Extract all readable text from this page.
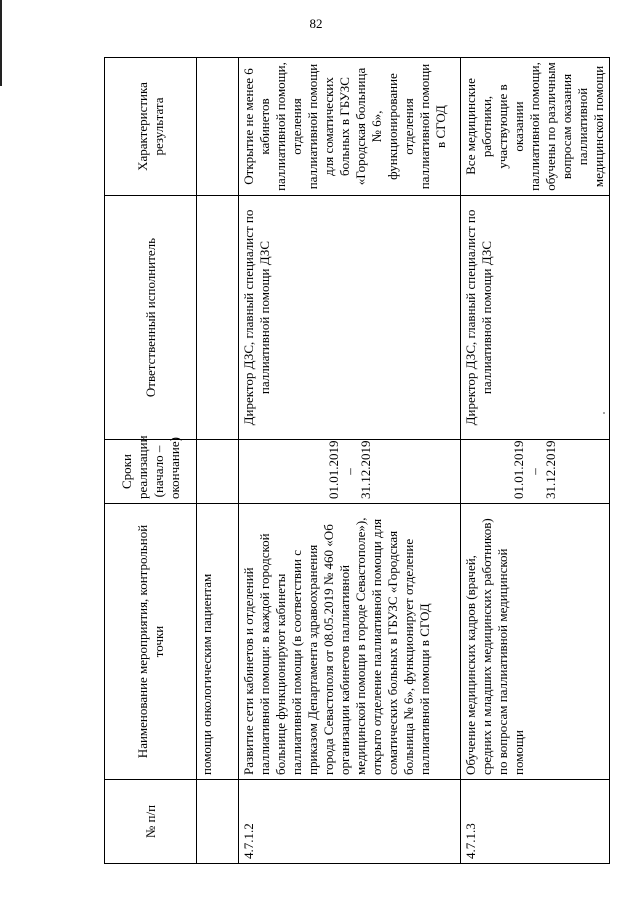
82
№ п/п	Наименование мероприятия, контрольной точки	Сроки реализации (начало – окончание)	Ответственный исполнитель	Характеристика результата
	помощи онкологическим пациентам			
4.7.1.2	Развитие сети кабинетов и отделений паллиативной помощи: в каждой городской больнице функционируют кабинеты паллиативной помощи (в соответствии с приказом Департамента здравоохранения города Севастополя от 08.05.2019 № 460 «Об организации кабинетов паллиативной медицинской помощи в городе Севастополе»), открыто отделение паллиативной помощи для соматических больных в ГБУЗС «Городская больница № 6», функционирует отделение паллиативной помощи в СГОД	01.01.2019 – 31.12.2019	Директор ДЗС, главный специалист по паллиативной помощи ДЗС	Открытие не менее 6 кабинетов паллиативной помощи, отделения паллиативной помощи для соматических больных в ГБУЗС «Городская больница № 6», функционирование отделения паллиативной помощи в СГОД
4.7.1.3	Обучение медицинских кадров (врачей, средних и младших медицинских работников) по вопросам паллиативной медицинской помощи	01.01.2019 – 31.12.2019	Директор ДЗС, главный специалист по паллиативной помощи ДЗС	Все медицинские работники, участвующие в оказании паллиативной помощи, обучены по различным вопросам оказания паллиативной медицинской помощи
